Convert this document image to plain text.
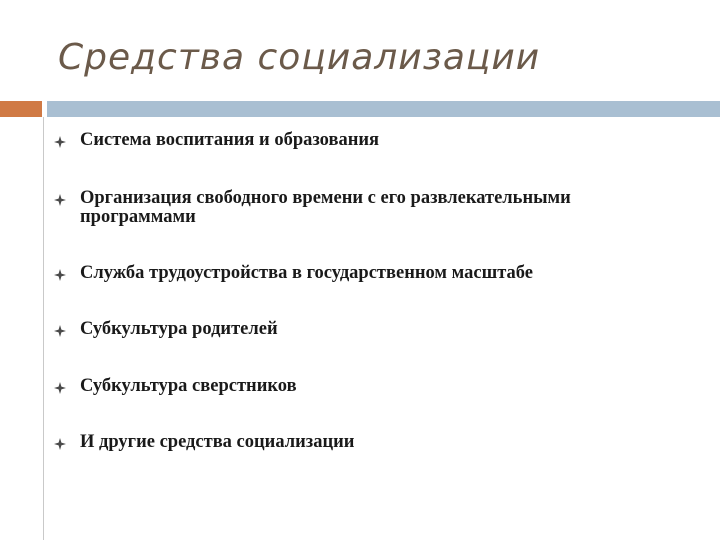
Средства социализации
Система воспитания и образования
Организация свободного времени с его развлекательными программами
Служба трудоустройства в государственном масштабе
Субкультура родителей
Субкультура сверстников
И другие средства социализации
